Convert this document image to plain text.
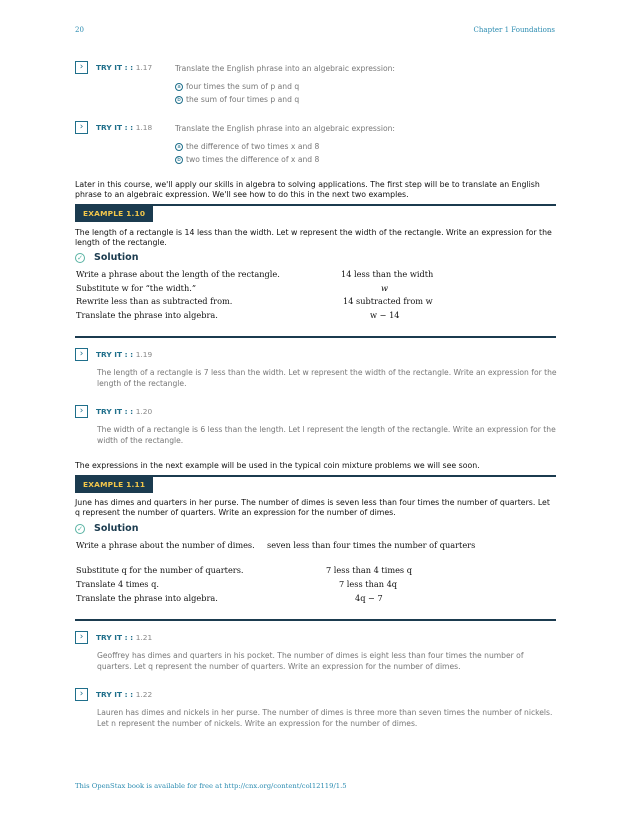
20	Chapter 1 Foundations
›	TRY IT : : 1.17	Translate the English phrase into an algebraic expression:
a four times the sum of p and q
b the sum of four times p and q
›	TRY IT : : 1.18	Translate the English phrase into an algebraic expression:
a the difference of two times x and 8
b two times the difference of x and 8
Later in this course, we'll apply our skills in algebra to solving applications. The first step will be to translate an English phrase to an algebraic expression. We'll see how to do this in the next two examples.
EXAMPLE 1.10
The length of a rectangle is 14 less than the width. Let w represent the width of the rectangle. Write an expression for the length of the rectangle.
✓ Solution
Write a phrase about the length of the rectangle.	14 less than the width
Substitute w for “the width.”	w
Rewrite less than as subtracted from.	14 subtracted from w
Translate the phrase into algebra.	w − 14
›	TRY IT : : 1.19
The length of a rectangle is 7 less than the width. Let w represent the width of the rectangle. Write an expression for the length of the rectangle.
›	TRY IT : : 1.20
The width of a rectangle is 6 less than the length. Let l represent the length of the rectangle. Write an expression for the width of the rectangle.
The expressions in the next example will be used in the typical coin mixture problems we will see soon.
EXAMPLE 1.11
June has dimes and quarters in her purse. The number of dimes is seven less than four times the number of quarters. Let q represent the number of quarters. Write an expression for the number of dimes.
✓ Solution
Write a phrase about the number of dimes. seven less than four times the number of quarters
Substitute q for the number of quarters.	7 less than 4 times q
Translate 4 times q.	7 less than 4q
Translate the phrase into algebra.	4q − 7
›	TRY IT : : 1.21
Geoffrey has dimes and quarters in his pocket. The number of dimes is eight less than four times the number of quarters. Let q represent the number of quarters. Write an expression for the number of dimes.
›	TRY IT : : 1.22
Lauren has dimes and nickels in her purse. The number of dimes is three more than seven times the number of nickels. Let n represent the number of nickels. Write an expression for the number of dimes.
This OpenStax book is available for free at http://cnx.org/content/col12119/1.5
